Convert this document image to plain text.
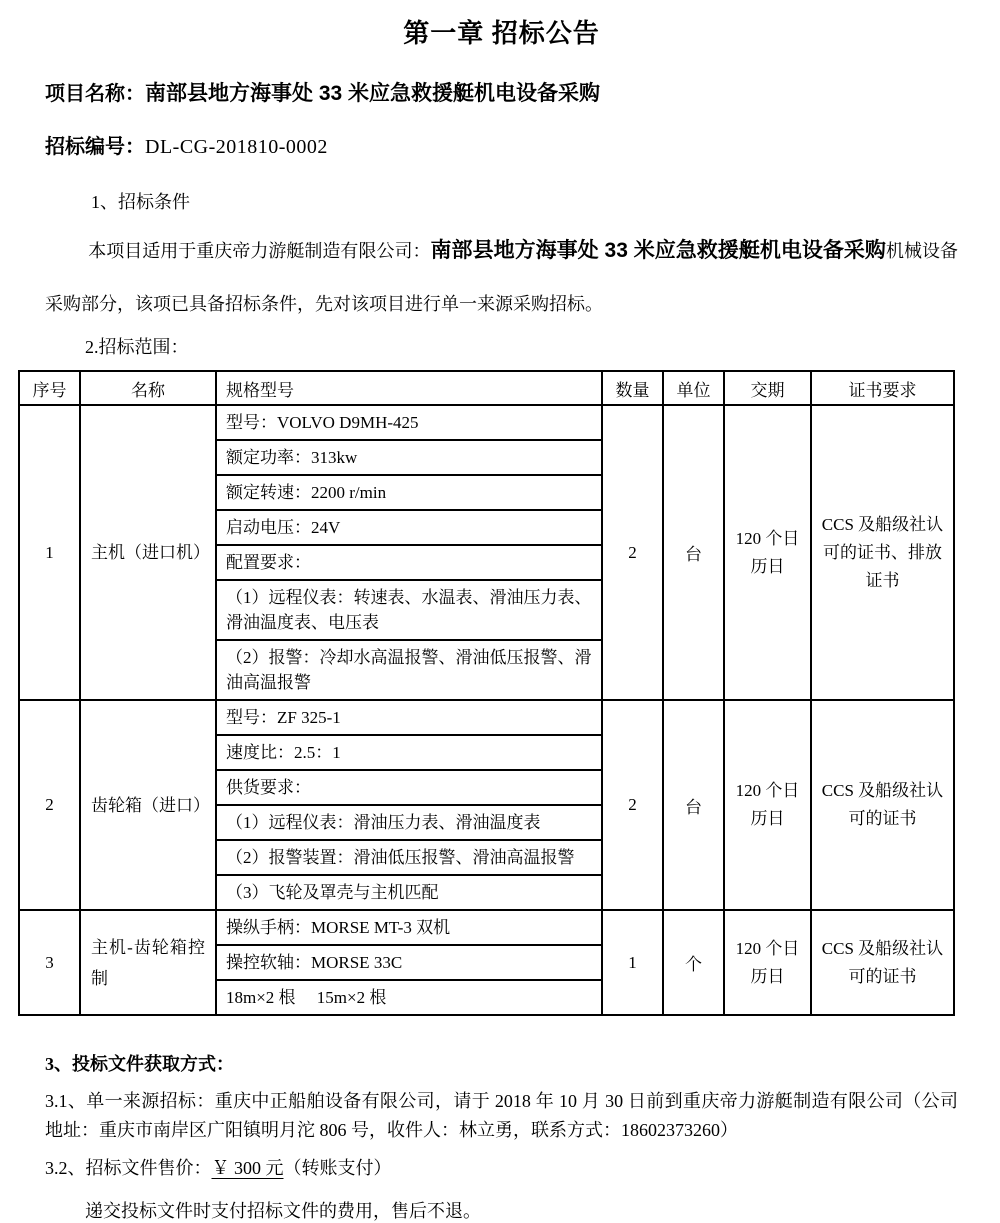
第一章 招标公告
项目名称：南部县地方海事处 33 米应急救援艇机电设备采购
招标编号：DL-CG-201810-0002
1、招标条件
本项目适用于重庆帝力游艇制造有限公司：南部县地方海事处 33 米应急救援艇机电设备采购机械设备采购部分，该项已具备招标条件，先对该项目进行单一来源采购招标。
2.招标范围：
序号	名称	规格型号	数量	单位	交期	证书要求
1	主机（进口机）	型号：VOLVO D9MH-425	2	台	120 个日历日	CCS 及船级社认可的证书、排放证书
		额定功率：313kw				
		额定转速：2200 r/min				
		启动电压：24V				
		配置要求：				
		（1）远程仪表：转速表、水温表、滑油压力表、滑油温度表、电压表				
		（2）报警：冷却水高温报警、滑油低压报警、滑油高温报警				
2	齿轮箱（进口）	型号：ZF 325-1	2	台	120 个日历日	CCS 及船级社认可的证书
		速度比：2.5：1				
		供货要求：				
		（1）远程仪表：滑油压力表、滑油温度表				
		（2）报警装置：滑油低压报警、滑油高温报警				
		（3）飞轮及罩壳与主机匹配				
3	主机-齿轮箱控制	操纵手柄：MORSE MT-3 双机	1	个	120 个日历日	CCS 及船级社认可的证书
		操控软轴：MORSE 33C				
		18m×2 根　 15m×2 根				
3、投标文件获取方式：
3.1、单一来源招标：重庆中正船舶设备有限公司，请于 2018 年 10 月 30 日前到重庆帝力游艇制造有限公司（公司地址：重庆市南岸区广阳镇明月沱 806 号，收件人：林立勇，联系方式：18602373260）
3.2、招标文件售价：￥ 300 元（转账支付）
递交投标文件时支付招标文件的费用，售后不退。
